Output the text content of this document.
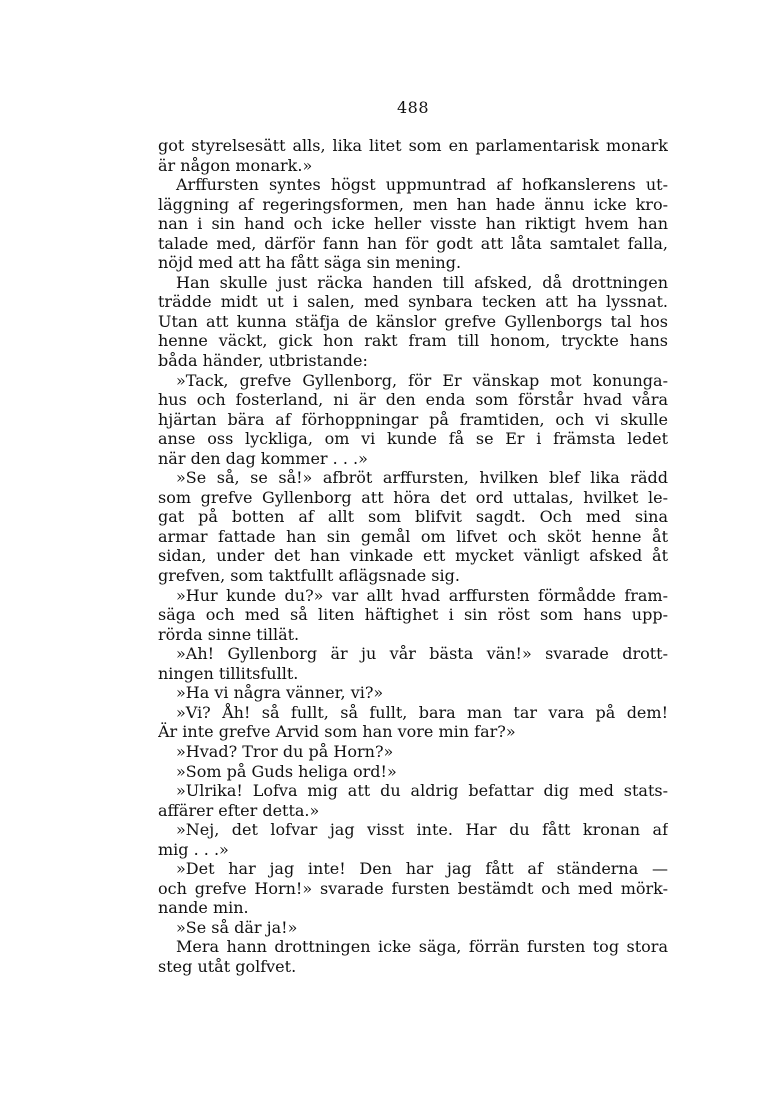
488
got styrelsesätt alls, lika litet som en parlamentarisk monark
är någon monark.»
Arffursten syntes högst uppmuntrad af hofkanslerens ut-
läggning af regeringsformen, men han hade ännu icke kro-
nan i sin hand och icke heller visste han riktigt hvem han
talade med, därför fann han för godt att låta samtalet falla,
nöjd med att ha fått säga sin mening.
Han skulle just räcka handen till afsked, då drottningen
trädde midt ut i salen, med synbara tecken att ha lyssnat.
Utan att kunna stäfja de känslor grefve Gyllenborgs tal hos
henne väckt, gick hon rakt fram till honom, tryckte hans
båda händer, utbristande:
»Tack, grefve Gyllenborg, för Er vänskap mot konunga-
hus och fosterland, ni är den enda som förstår hvad våra
hjärtan bära af förhoppningar på framtiden, och vi skulle
anse oss lyckliga, om vi kunde få se Er i främsta ledet
när den dag kommer . . .»
»Se så, se så!» afbröt arffursten, hvilken blef lika rädd
som grefve Gyllenborg att höra det ord uttalas, hvilket le-
gat på botten af allt som blifvit sagdt. Och med sina
armar fattade han sin gemål om lifvet och sköt henne åt
sidan, under det han vinkade ett mycket vänligt afsked åt
grefven, som taktfullt aflägsnade sig.
»Hur kunde du?» var allt hvad arffursten förmådde fram-
säga och med så liten häftighet i sin röst som hans upp-
rörda sinne tillät.
»Ah! Gyllenborg är ju vår bästa vän!» svarade drott-
ningen tillitsfullt.
»Ha vi några vänner, vi?»
»Vi? Åh! så fullt, så fullt, bara man tar vara på dem!
Är inte grefve Arvid som han vore min far?»
»Hvad? Tror du på Horn?»
»Som på Guds heliga ord!»
»Ulrika! Lofva mig att du aldrig befattar dig med stats-
affärer efter detta.»
»Nej, det lofvar jag visst inte. Har du fått kronan af
mig . . .»
»Det har jag inte! Den har jag fått af ständerna —
och grefve Horn!» svarade fursten bestämdt och med mörk-
nande min.
»Se så där ja!»
Mera hann drottningen icke säga, förrän fursten tog stora
steg utåt golfvet.
